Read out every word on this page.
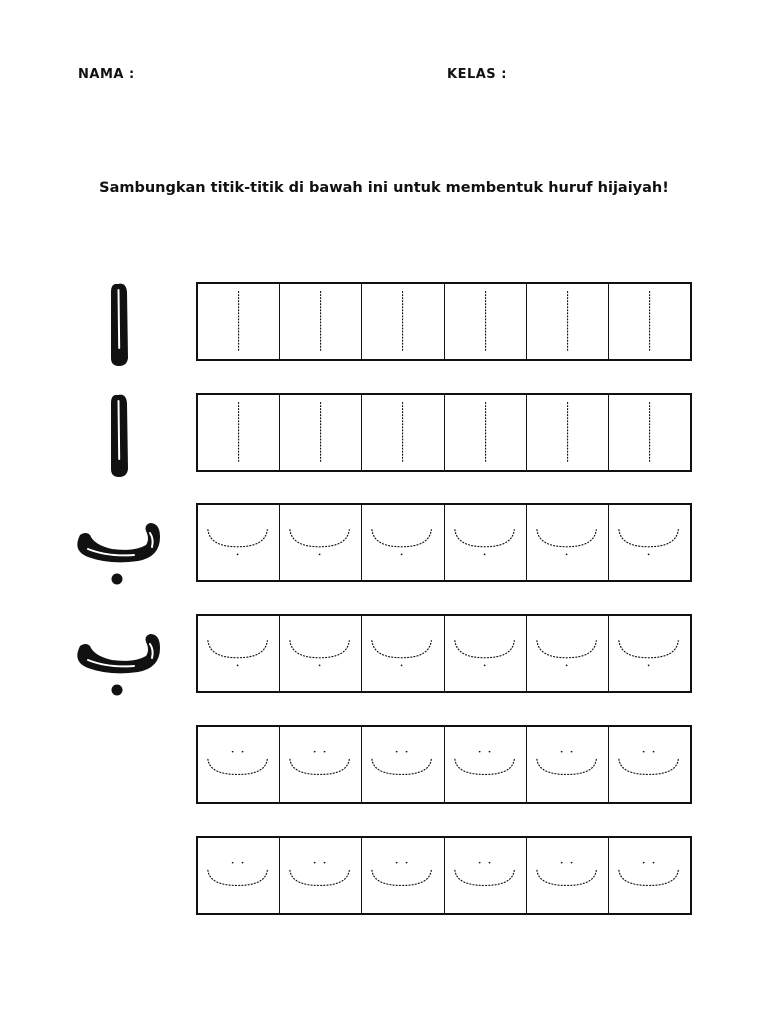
NAMA :	KELAS :
Sambungkan titik-titik di bawah ini untuk membentuk huruf hijaiyah!
